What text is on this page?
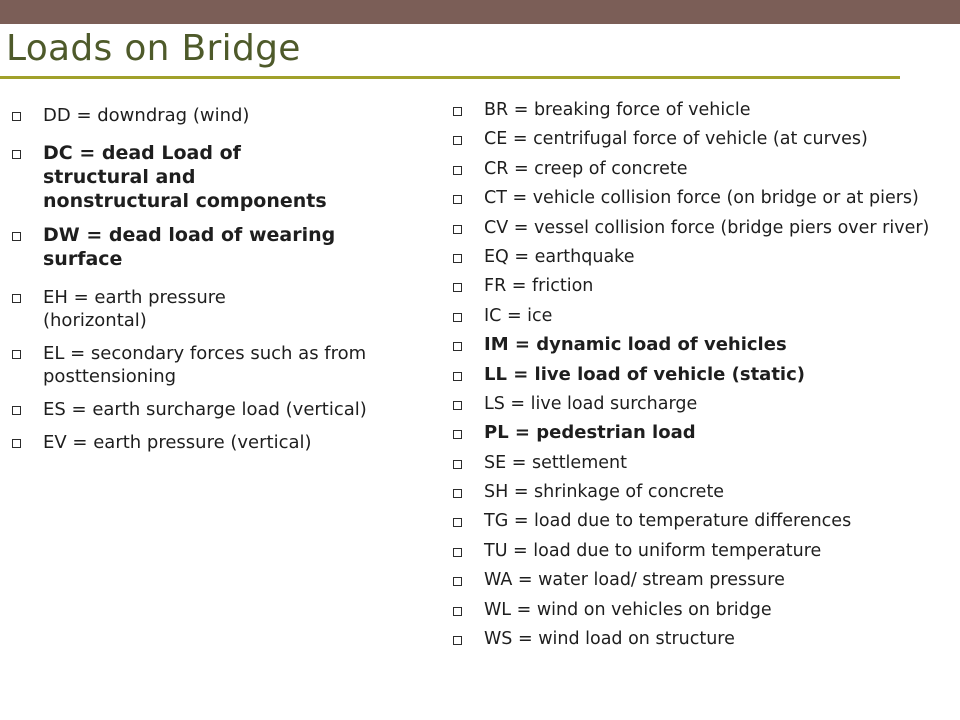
Loads on Bridge
DD = downdrag (wind)
DC = dead Load of structural and nonstructural components
DW = dead load of wearing surface
EH = earth pressure (horizontal)
EL = secondary forces such as from posttensioning
ES = earth surcharge load (vertical)
EV = earth pressure (vertical)
BR = breaking force of vehicle
CE = centrifugal force of vehicle (at curves)
CR = creep of concrete
CT = vehicle collision force (on bridge or at piers)
CV = vessel collision force (bridge piers over river)
EQ = earthquake
FR = friction
IC = ice
IM = dynamic load of vehicles
LL = live load of vehicle (static)
LS = live load surcharge
PL = pedestrian load
SE = settlement
SH = shrinkage of concrete
TG = load due to temperature differences
TU = load due to uniform temperature
WA = water load/ stream pressure
WL = wind on vehicles on bridge
WS = wind load on structure
